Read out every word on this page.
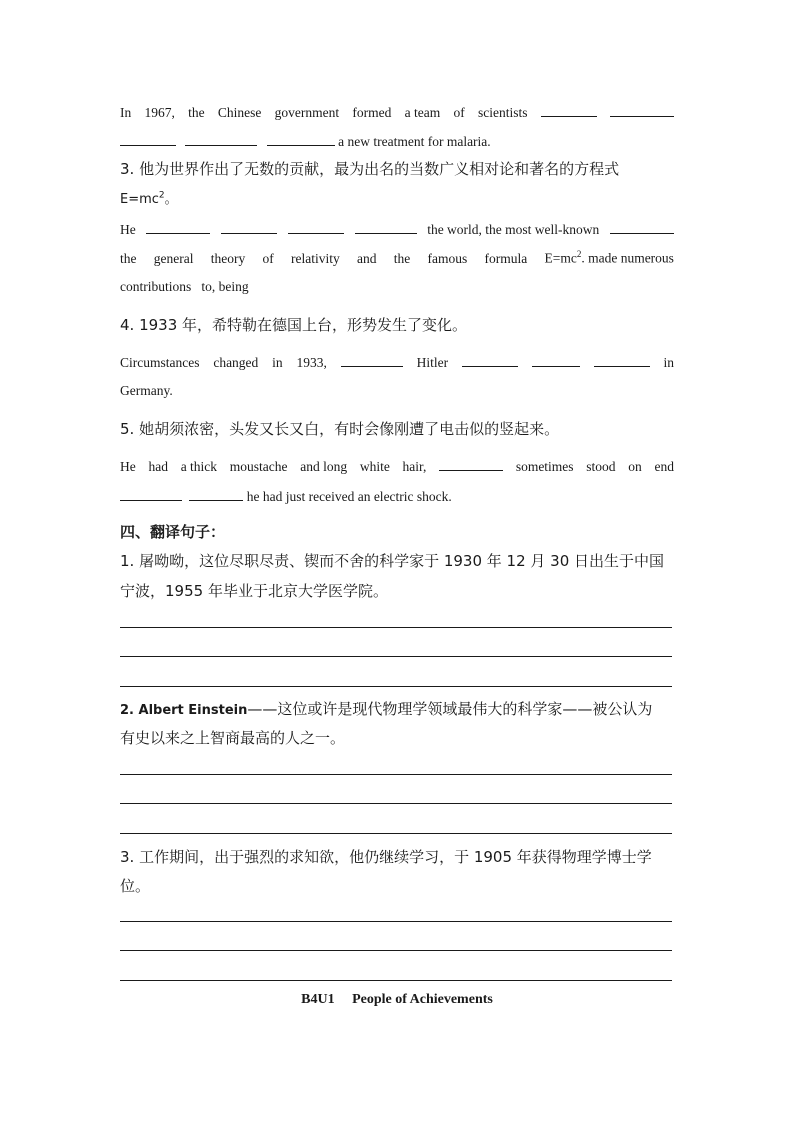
In 1967, the Chinese government formed a team of scientists
a new treatment for malaria.
3. 他为世界作出了无数的贡献，最为出名的当数广义相对论和著名的方程式
$E=mc^2$。
He	the world, the most well-known
the general theory of relativity and the famous formula $E=mc^2$. made numerous
contributions   to, being
4. 1933 年，希特勒在德国上台，形势发生了变化。
Circumstances changed in 1933,	Hitler	in
Germany.
5. 她胡须浓密，头发又长又白，有时会像刚遭了电击似的竖起来。
He had a thick moustache and long white hair,	sometimes stood on end
he had just received an electric shock.
四、翻译句子：
1. 屠呦呦，这位尽职尽责、锲而不舍的科学家于 1930 年 12 月 30 日出生于中国
宁波，1955 年毕业于北京大学医学院。
2. Albert Einstein——这位或许是现代物理学领域最伟大的科学家——被公认为
有史以来之上智商最高的人之一。
3. 工作期间，出于强烈的求知欲，他仍继续学习，于 1905 年获得物理学博士学
位。
B4U1     People of Achievements
